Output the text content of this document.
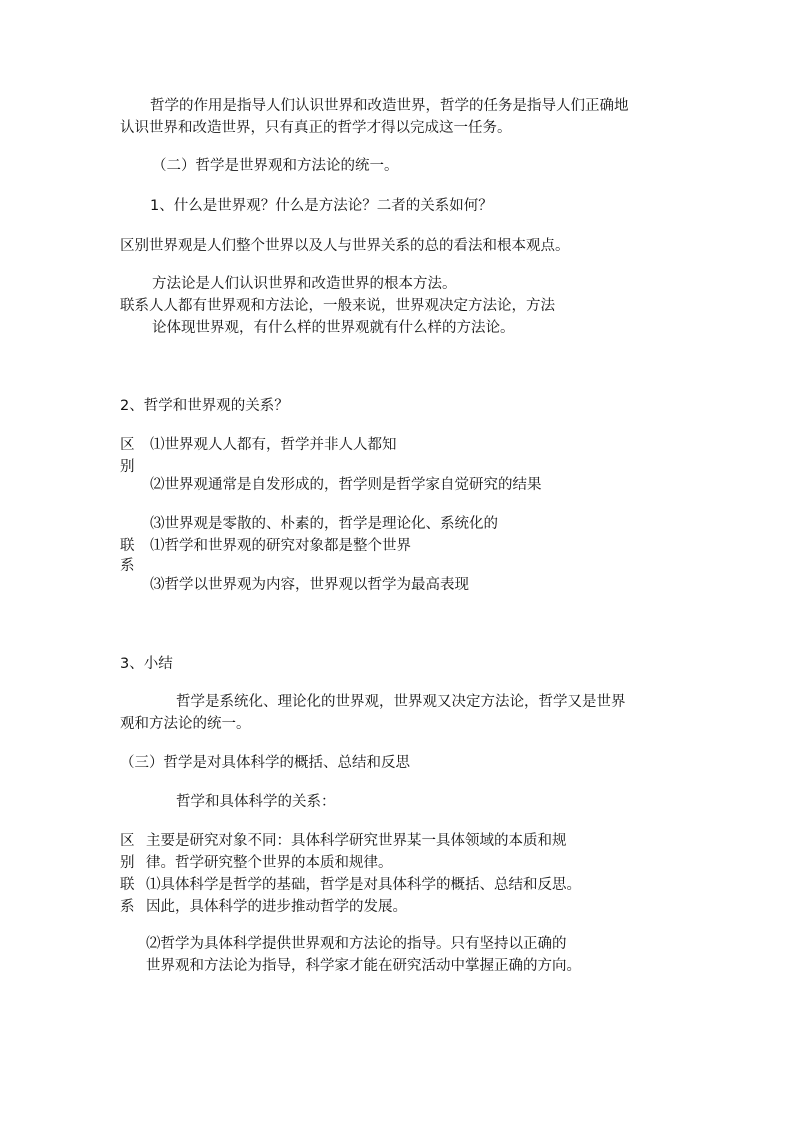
哲学的作用是指导人们认识世界和改造世界，哲学的任务是指导人们正确地
认识世界和改造世界，只有真正的哲学才得以完成这一任务。
（二）哲学是世界观和方法论的统一。
1、什么是世界观？什么是方法论？二者的关系如何？
区别世界观是人们整个世界以及人与世界关系的总的看法和根本观点。
方法论是人们认识世界和改造世界的根本方法。
联系人人都有世界观和方法论，一般来说，世界观决定方法论，方法
论体现世界观，有什么样的世界观就有什么样的方法论。
2、哲学和世界观的关系？
区
别
⑴世界观人人都有，哲学并非人人都知
⑵世界观通常是自发形成的，哲学则是哲学家自觉研究的结果
⑶世界观是零散的、朴素的，哲学是理论化、系统化的
联
系
⑴哲学和世界观的研究对象都是整个世界
⑶哲学以世界观为内容，世界观以哲学为最高表现
3、小结
哲学是系统化、理论化的世界观，世界观又决定方法论，哲学又是世界
观和方法论的统一。
（三）哲学是对具体科学的概括、总结和反思
哲学和具体科学的关系：
区
别
主要是研究对象不同：具体科学研究世界某一具体领域的本质和规
律。哲学研究整个世界的本质和规律。
联
系
⑴具体科学是哲学的基础，哲学是对具体科学的概括、总结和反思。
因此，具体科学的进步推动哲学的发展。
⑵哲学为具体科学提供世界观和方法论的指导。只有坚持以正确的
世界观和方法论为指导，科学家才能在研究活动中掌握正确的方向。
